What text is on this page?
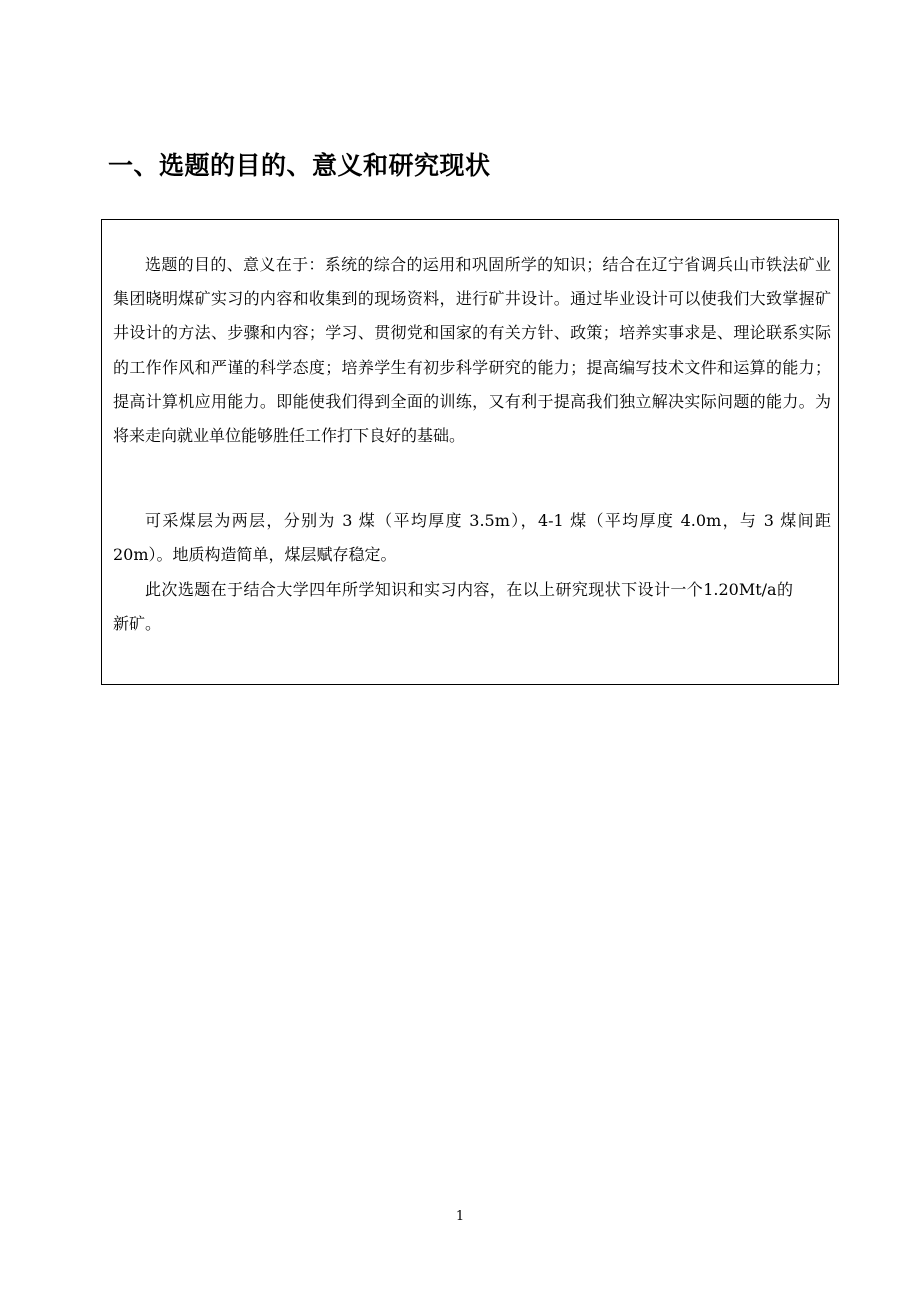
一、选题的目的、意义和研究现状

选题的目的、意义在于：系统的综合的运用和巩固所学的知识；结合在辽宁省调兵山市铁法矿业集团晓明煤矿实习的内容和收集到的现场资料，进行矿井设计。通过毕业设计可以使我们大致掌握矿井设计的方法、步骤和内容；学习、贯彻党和国家的有关方针、政策；培养实事求是、理论联系实际的工作作风和严谨的科学态度；培养学生有初步科学研究的能力；提高编写技术文件和运算的能力；提高计算机应用能力。即能使我们得到全面的训练，又有利于提高我们独立解决实际问题的能力。为将来走向就业单位能够胜任工作打下良好的基础。

可采煤层为两层，分别为 3 煤（平均厚度 3.5m），4-1 煤（平均厚度 4.0m，与 3 煤间距 20m）。地质构造简单，煤层赋存稳定。

此次选题在于结合大学四年所学知识和实习内容，在以上研究现状下设计一个1.20Mt/a的新矿。

1
